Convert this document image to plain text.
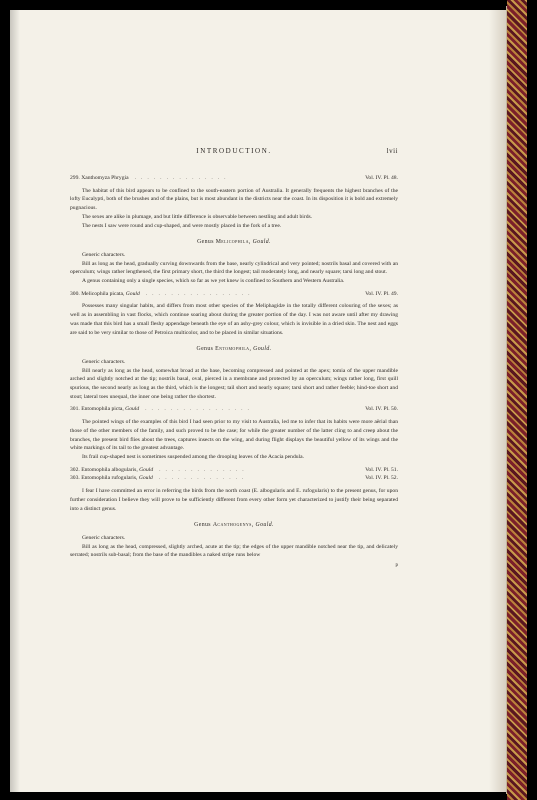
INTRODUCTION.	lvii
299. Xanthomyza Phrygia ...............	Vol. IV. Pl. 48.

The habitat of this bird appears to be confined to the south-eastern portion of Australia. It generally frequents the highest branches of the lofty Eucalypti, both of the brushes and of the plains, but is most abundant in the districts near the coast. In its disposition it is bold and extremely pugnacious.

The sexes are alike in plumage, and but little difference is observable between nestling and adult birds.

The nests I saw were round and cup-shaped, and were mostly placed in the fork of a tree.

Genus Melicophila, Gould.

Generic characters.

Bill as long as the head, gradually curving downwards from the base, nearly cylindrical and very pointed; nostrils basal and covered with an operculum; wings rather lengthened, the first primary short, the third the longest; tail moderately long, and nearly square; tarsi long and stout.

A genus containing only a single species, which so far as we yet knew is confined to Southern and Western Australia.

300. Melicophila picata, Gould .................	Vol. IV. Pl. 49.

Possesses many singular habits, and differs from most other species of the Meliphagidæ in the totally different colouring of the sexes; as well as in assembling in vast flocks, which continue soaring about during the greater portion of the day. I was not aware until after my drawing was made that this bird has a small fleshy appendage beneath the eye of an ashy-grey colour, which is invisible in a dried skin. The nest and eggs are said to be very similar to those of Petroica multicolor, and to be placed in similar situations.

Genus Entomophila, Gould.

Generic characters.

Bill nearly as long as the head, somewhat broad at the base, becoming compressed and pointed at the apex; tomia of the upper mandible arched and slightly notched at the tip; nostrils basal, oval, pierced in a membrane and protected by an operculum; wings rather long, first quill spurious, the second nearly as long as the third, which is the longest; tail short and nearly square; tarsi short and rather feeble; hind-toe short and stout; lateral toes unequal, the inner one being rather the shortest.

301. Entomophila picta, Gould .................	Vol. IV. Pl. 50.

The pointed wings of the examples of this bird I had seen prior to my visit to Australia, led me to infer that its habits were more aërial than those of the other members of the family, and such proved to be the case; for while the greater number of the latter cling to and creep about the branches, the present bird flies about the trees, captures insects on the wing, and during flight displays the beautiful yellow of its wings and the white markings of its tail to the greatest advantage.

Its frail cup-shaped nest is sometimes suspended among the drooping leaves of the Acacia pendula.

302. Entomophila albogularis, Gould ..............	Vol. IV. Pl. 51.
303. Entomophila rufogularis, Gould ..............	Vol. IV. Pl. 52.

I fear I have committed an error in referring the birds from the north coast (E. albogularis and E. rufogularis) to the present genus, for upon further consideration I believe they will prove to be sufficiently different from every other form yet characterized to justify their being separated into a distinct genus.

Genus Acanthogenys, Gould.

Generic characters.

Bill as long as the head, compressed, slightly arched, acute at the tip; the edges of the upper mandible notched near the tip, and delicately serrated; nostrils sub-basal; from the base of the mandibles a naked stripe runs below

p
